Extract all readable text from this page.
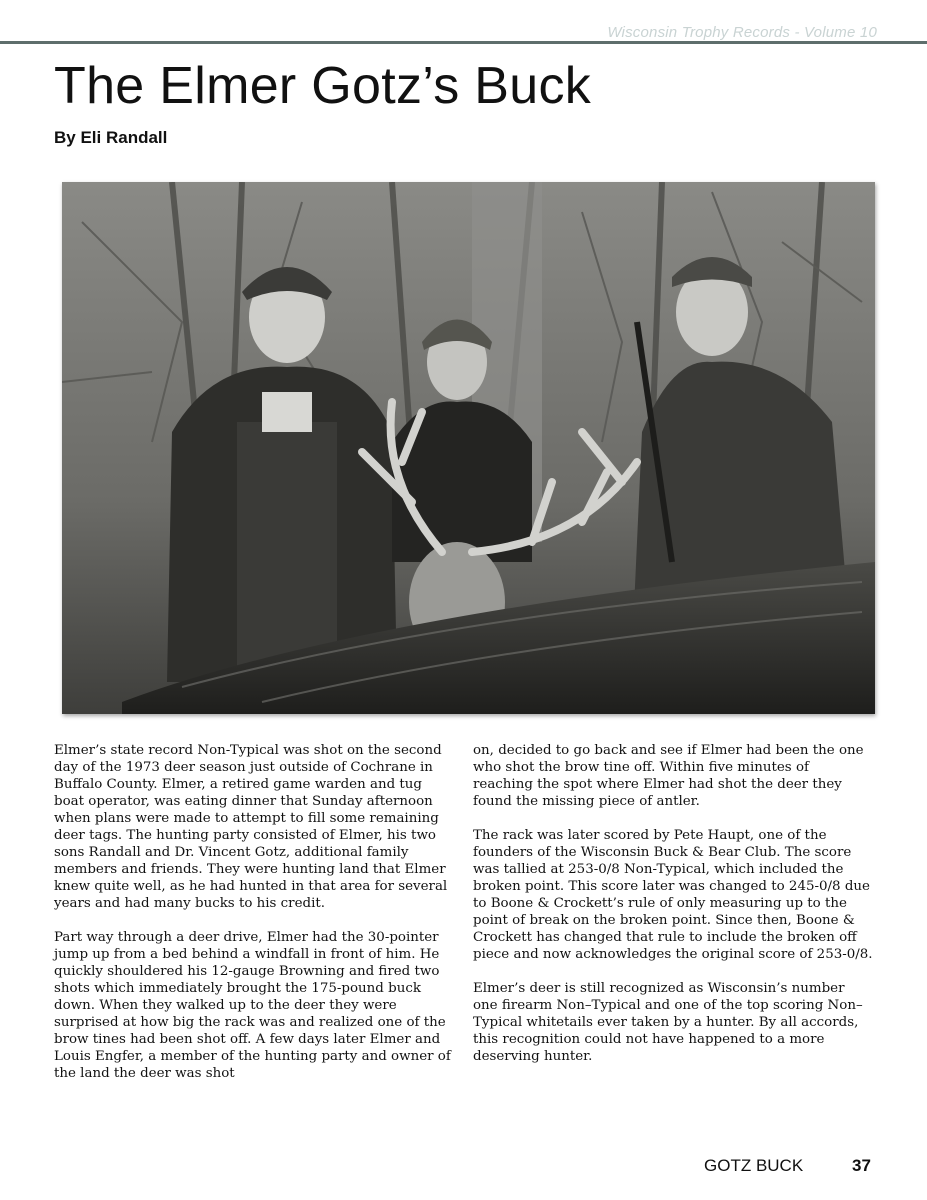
Wisconsin Trophy Records - Volume 10
The Elmer Gotz’s Buck
By Eli Randall

Elmer’s state record Non-Typical was shot on the second day of the 1973 deer season just outside of Cochrane in Buffalo County. Elmer, a retired game warden and tug boat operator, was eating dinner that Sunday afternoon when plans were made to attempt to fill some remaining deer tags. The hunting party consisted of Elmer, his two sons Randall and Dr. Vincent Gotz, additional family members and friends. They were hunting land that Elmer knew quite well, as he had hunted in that area for several years and had many bucks to his credit.

Part way through a deer drive, Elmer had the 30-pointer jump up from a bed behind a windfall in front of him. He quickly shouldered his 12-gauge Browning and fired two shots which immediately brought the 175-pound buck down. When they walked up to the deer they were surprised at how big the rack was and realized one of the brow tines had been shot off. A few days later Elmer and Louis Engfer, a member of the hunting party and owner of the land the deer was shot

on, decided to go back and see if Elmer had been the one who shot the brow tine off. Within five minutes of reaching the spot where Elmer had shot the deer they found the missing piece of antler.

The rack was later scored by Pete Haupt, one of the founders of the Wisconsin Buck & Bear Club. The score was tallied at 253-0/8 Non-Typical, which included the broken point. This score later was changed to 245-0/8 due to Boone & Crockett’s rule of only measuring up to the point of break on the broken point. Since then, Boone & Crockett has changed that rule to include the broken off piece and now acknowledges the original score of 253-0/8.

Elmer’s deer is still recognized as Wisconsin’s number one firearm Non–Typical and one of the top scoring Non–Typical whitetails ever taken by a hunter. By all accords, this recognition could not have happened to a more deserving hunter.

GOTZ BUCK	37
